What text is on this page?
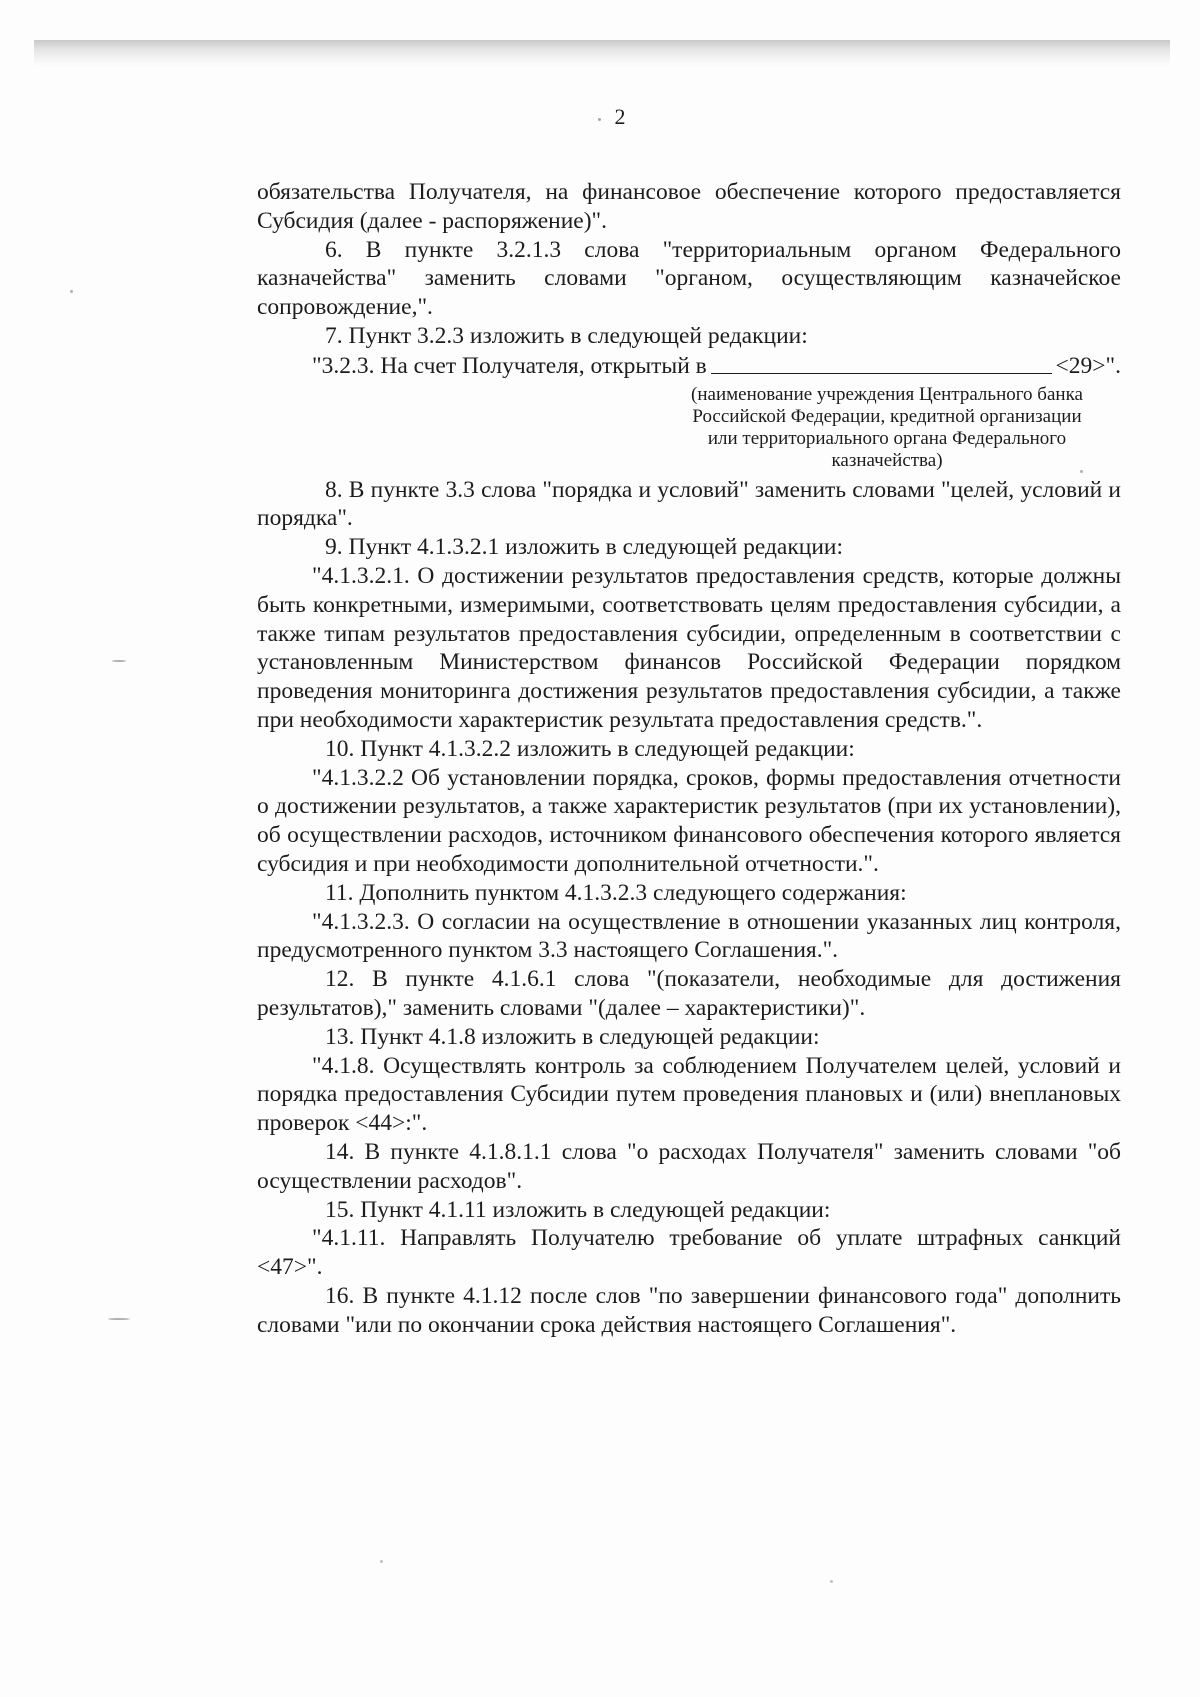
2

обязательства Получателя, на финансовое обеспечение которого предоставляется Субсидия (далее - распоряжение)".

6. В пункте 3.2.1.3 слова "территориальным органом Федерального казначейства" заменить словами "органом, осуществляющим казначейское сопровождение,".

7. Пункт 3.2.3 изложить в следующей редакции:

"3.2.3. На счет Получателя, открытый в	<29>".
(наименование учреждения Центрального банка Российской Федерации, кредитной организации или территориального органа Федерального казначейства)

8. В пункте 3.3 слова "порядка и условий" заменить словами "целей, условий и порядка".

9. Пункт 4.1.3.2.1 изложить в следующей редакции:

"4.1.3.2.1. О достижении результатов предоставления средств, которые должны быть конкретными, измеримыми, соответствовать целям предоставления субсидии, а также типам результатов предоставления субсидии, определенным в соответствии с установленным Министерством финансов Российской Федерации порядком проведения мониторинга достижения результатов предоставления субсидии, а также при необходимости характеристик результата предоставления средств.".

10. Пункт 4.1.3.2.2 изложить в следующей редакции:

"4.1.3.2.2 Об установлении порядка, сроков, формы предоставления отчетности о достижении результатов, а также характеристик результатов (при их установлении), об осуществлении расходов, источником финансового обеспечения которого является субсидия и при необходимости дополнительной отчетности.".

11. Дополнить пунктом 4.1.3.2.3 следующего содержания:

"4.1.3.2.3. О согласии на осуществление в отношении указанных лиц контроля, предусмотренного пунктом 3.3 настоящего Соглашения.".

12. В пункте 4.1.6.1 слова "(показатели, необходимые для достижения результатов)," заменить словами "(далее – характеристики)".

13. Пункт 4.1.8 изложить в следующей редакции:

"4.1.8. Осуществлять контроль за соблюдением Получателем целей, условий и порядка предоставления Субсидии путем проведения плановых и (или) внеплановых проверок <44>:".

14. В пункте 4.1.8.1.1 слова "о расходах Получателя" заменить словами "об осуществлении расходов".

15. Пункт 4.1.11 изложить в следующей редакции:

"4.1.11. Направлять Получателю требование об уплате штрафных санкций <47>".

16. В пункте 4.1.12 после слов "по завершении финансового года" дополнить словами "или по окончании срока действия настоящего Соглашения".
